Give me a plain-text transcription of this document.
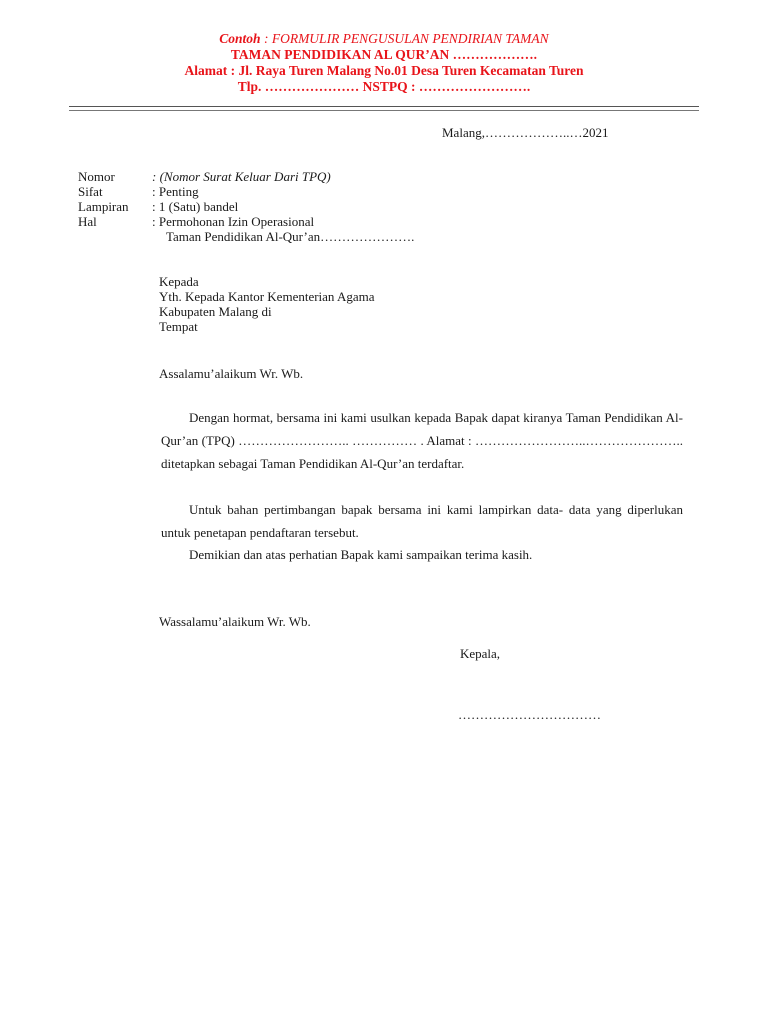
Contoh : FORMULIR PENGUSULAN PENDIRIAN TAMAN
TAMAN PENDIDIKAN AL QUR’AN ……………….
Alamat : Jl. Raya Turen Malang No.01 Desa Turen Kecamatan Turen
Tlp. ………………… NSTPQ : …………………….
Malang,………………..…2021
Nomor	: (Nomor Surat Keluar Dari TPQ)
Sifat	: Penting
Lampiran : 1 (Satu) bandel
Hal	: Permohonan Izin Operasional
Taman Pendidikan Al-Qur’an………………….
Kepada
Yth. Kepada Kantor Kementerian Agama
Kabupaten Malang di
Tempat
Assalamu’alaikum Wr. Wb.
Dengan hormat, bersama ini kami usulkan kepada Bapak dapat kiranya Taman Pendidikan Al-Qur’an (TPQ) …………………….. …………… . Alamat : ……………………..………………….. ditetapkan sebagai Taman Pendidikan Al-Qur’an terdaftar.
Untuk bahan pertimbangan bapak bersama ini kami lampirkan data- data yang diperlukan untuk penetapan pendaftaran tersebut.
Demikian dan atas perhatian Bapak kami sampaikan terima kasih.
Wassalamu’alaikum Wr. Wb.
Kepala,
……………………………
